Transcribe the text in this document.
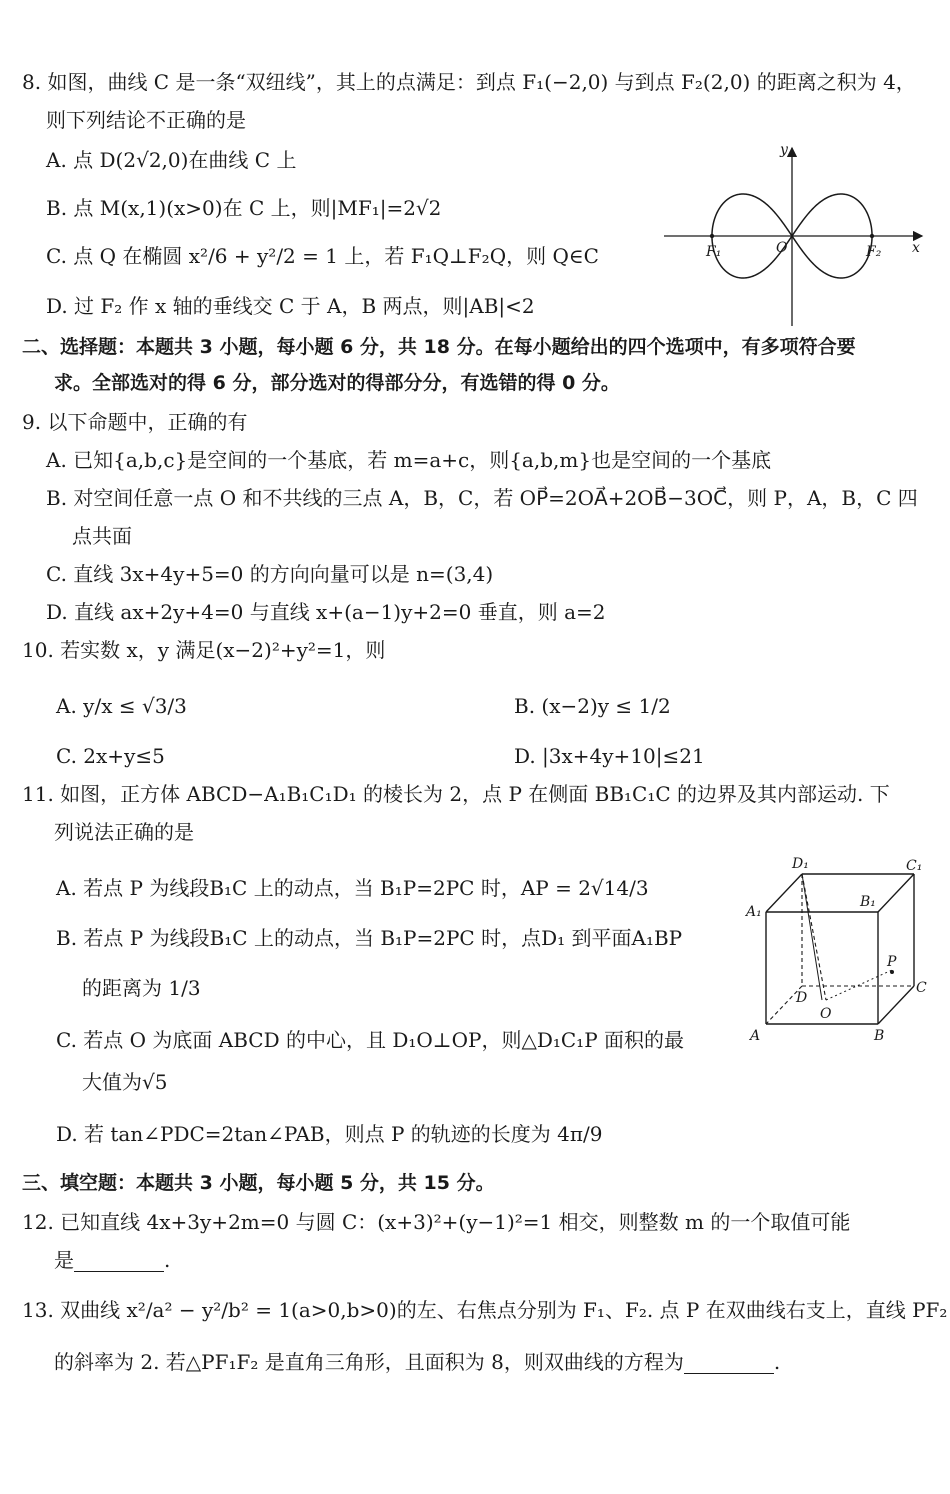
8. 如图，曲线 C 是一条“双纽线”，其上的点满足：到点 F₁(−2,0) 与到点 F₂(2,0) 的距离之积为 4，
则下列结论不正确的是
A. 点 D(2√2,0)在曲线 C 上
B. 点 M(x,1)(x>0)在 C 上，则|MF₁|=2√2
C. 点 Q 在椭圆 x²/6 + y²/2 = 1 上，若 F₁Q⊥F₂Q，则 Q∈C
D. 过 F₂ 作 x 轴的垂线交 C 于 A，B 两点，则|AB|<2
y
x
O
F₁	F₂
二、选择题：本题共 3 小题，每小题 6 分，共 18 分。在每小题给出的四个选项中，有多项符合要
求。全部选对的得 6 分，部分选对的得部分分，有选错的得 0 分。
9. 以下命题中，正确的有
A. 已知{a,b,c}是空间的一个基底，若 m=a+c，则{a,b,m}也是空间的一个基底
B. 对空间任意一点 O 和不共线的三点 A，B，C，若 OP⃗=2OA⃗+2OB⃗−3OC⃗，则 P，A，B，C 四
点共面
C. 直线 3x+4y+5=0 的方向向量可以是 n=(3,4)
D. 直线 ax+2y+4=0 与直线 x+(a−1)y+2=0 垂直，则 a=2
10. 若实数 x，y 满足(x−2)²+y²=1，则
A. y/x ≤ √3/3	B. (x−2)y ≤ 1/2
C. 2x+y≤5	D. |3x+4y+10|≤21
11. 如图，正方体 ABCD−A₁B₁C₁D₁ 的棱长为 2，点 P 在侧面 BB₁C₁C 的边界及其内部运动. 下
列说法正确的是
A. 若点 P 为线段B₁C 上的动点，当 B₁P=2PC 时，AP = 2√14/3
B. 若点 P 为线段B₁C 上的动点，当 B₁P=2PC 时，点D₁ 到平面A₁BP
的距离为 1/3
C. 若点 O 为底面 ABCD 的中心，且 D₁O⊥OP，则△D₁C₁P 面积的最
大值为√5
D. 若 tan∠PDC=2tan∠PAB，则点 P 的轨迹的长度为 4π/9
A	B
C
D
A₁
B₁
C₁
D₁
O
P
三、填空题：本题共 3 小题，每小题 5 分，共 15 分。
12. 已知直线 4x+3y+2m=0 与圆 C：(x+3)²+(y−1)²=1 相交，则整数 m 的一个取值可能
是	.
13. 双曲线 x²/a² − y²/b² = 1(a>0,b>0)的左、右焦点分别为 F₁、F₂. 点 P 在双曲线右支上，直线 PF₂
的斜率为 2. 若△PF₁F₂ 是直角三角形，且面积为 8，则双曲线的方程为	.
